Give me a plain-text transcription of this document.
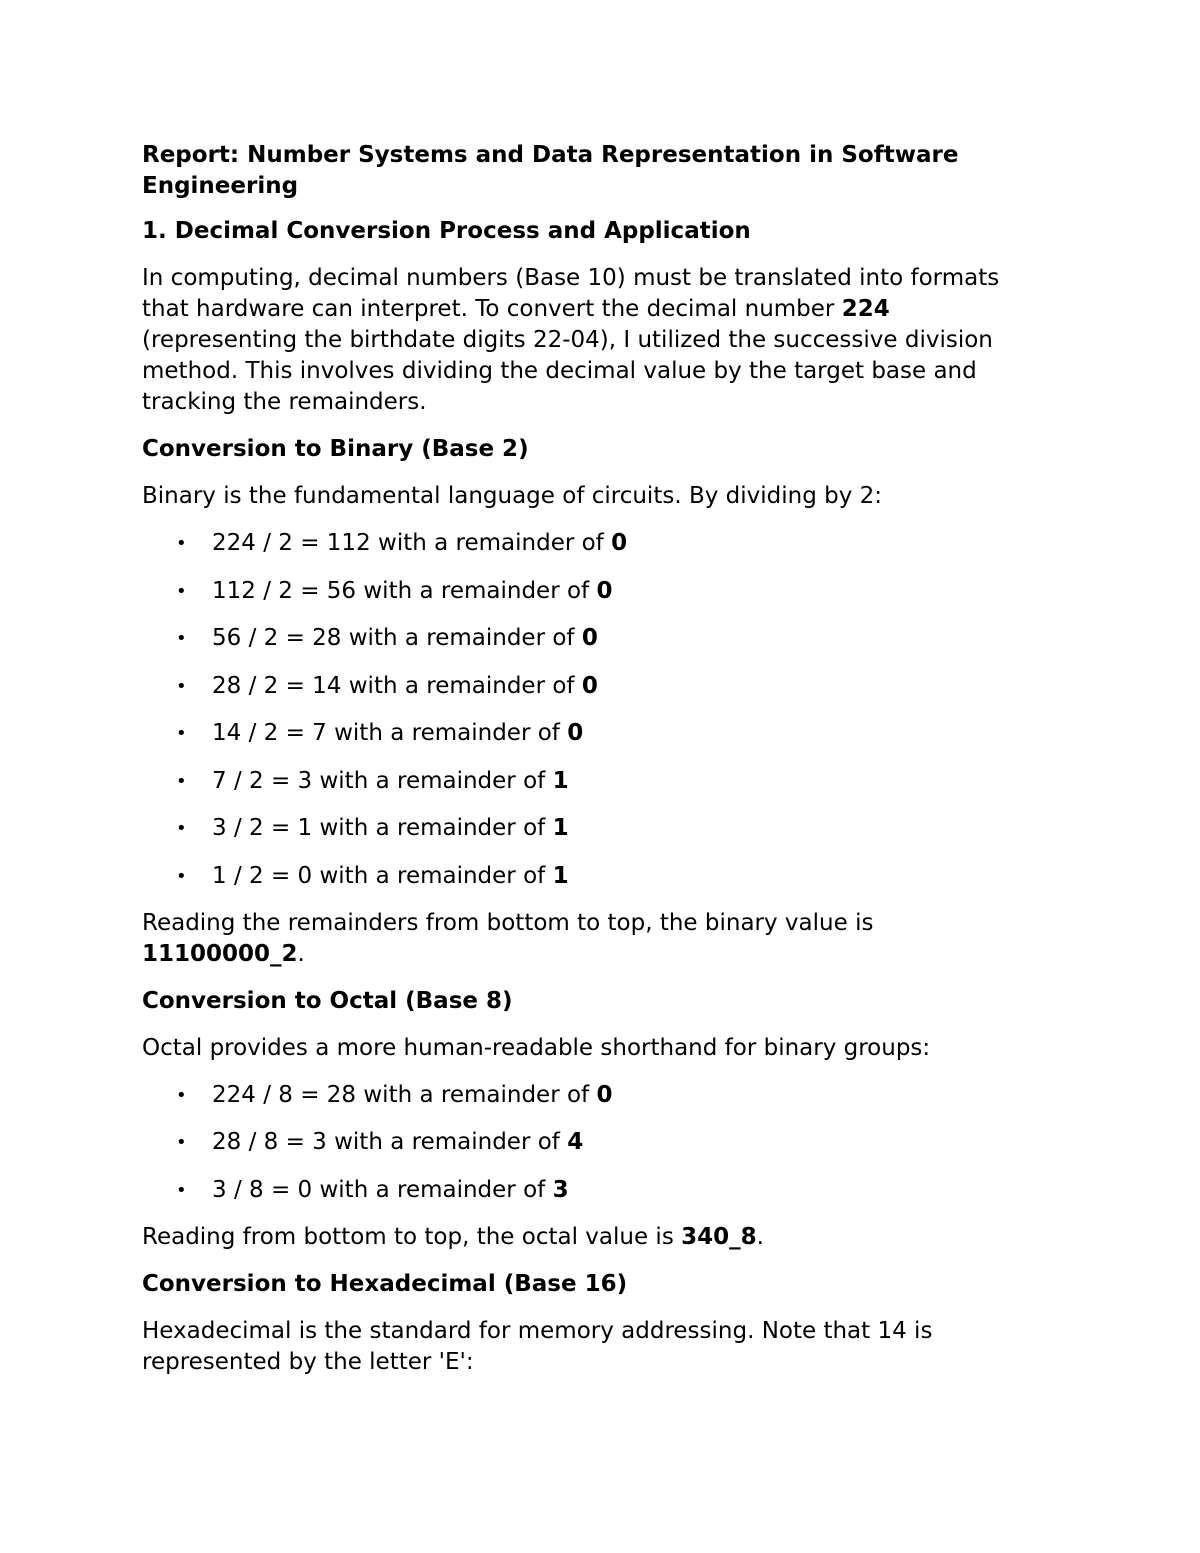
Report: Number Systems and Data Representation in Software Engineering
1. Decimal Conversion Process and Application

In computing, decimal numbers (Base 10) must be translated into formats that hardware can interpret. To convert the decimal number 224 (representing the birthdate digits 22-04), I utilized the successive division method. This involves dividing the decimal value by the target base and tracking the remainders.

Conversion to Binary (Base 2)

Binary is the fundamental language of circuits. By dividing by 2:

• 224 / 2 = 112 with a remainder of 0
• 112 / 2 = 56 with a remainder of 0
• 56 / 2 = 28 with a remainder of 0
• 28 / 2 = 14 with a remainder of 0
• 14 / 2 = 7 with a remainder of 0
• 7 / 2 = 3 with a remainder of 1
• 3 / 2 = 1 with a remainder of 1
• 1 / 2 = 0 with a remainder of 1

Reading the remainders from bottom to top, the binary value is 11100000_2.

Conversion to Octal (Base 8)

Octal provides a more human-readable shorthand for binary groups:

• 224 / 8 = 28 with a remainder of 0
• 28 / 8 = 3 with a remainder of 4
• 3 / 8 = 0 with a remainder of 3

Reading from bottom to top, the octal value is 340_8.

Conversion to Hexadecimal (Base 16)

Hexadecimal is the standard for memory addressing. Note that 14 is represented by the letter 'E':
